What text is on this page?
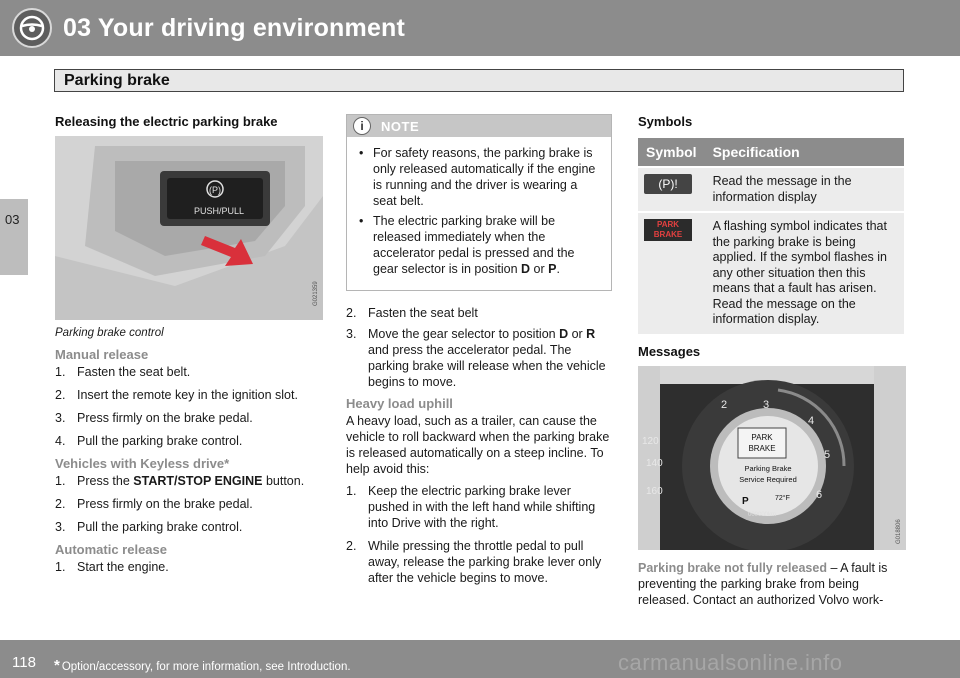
03 Your driving environment
Parking brake
03
Releasing the electric parking brake
(P)
PUSH/PULL
G021359
Parking brake control
Manual release
1. Fasten the seat belt.
2. Insert the remote key in the ignition slot.
3. Press firmly on the brake pedal.
4. Pull the parking brake control.
Vehicles with Keyless drive*
1. Press the START/STOP ENGINE button.
2. Press firmly on the brake pedal.
3. Pull the parking brake control.
Automatic release
1. Start the engine.
i	NOTE
• For safety reasons, the parking brake is only released automatically if the engine is running and the driver is wearing a seat belt.
• The electric parking brake will be released immediately when the accelerator pedal is pressed and the gear selector is in position D or P.
2. Fasten the seat belt
3. Move the gear selector to position D or R and press the accelerator pedal. The parking brake will release when the vehicle begins to move.
Heavy load uphill

A heavy load, such as a trailer, can cause the vehicle to roll backward when the parking brake is released automatically on a steep incline. To help avoid this:

1. Keep the electric parking brake lever pushed in with the left hand while shifting into Drive with the right.
2. While pressing the throttle pedal to pull away, release the parking brake lever only after the vehicle begins to move.
Symbols
Symbol	Specification
(P)!	Read the message in the information display
PARK
BRAKE	A flashing symbol indicates that the parking brake is being applied. If the symbol flashes in any other situation then this means that a fault has arisen. Read the message on the information display.
Messages
2	3
4
5
6
120
140
160
PARK
BRAKE
Parking Brake
Service Required
P	72°F
000000km
G018806

Parking brake not fully released – A fault is preventing the parking brake from being released. Contact an authorized Volvo work-

118 * Option/accessory, for more information, see Introduction.	carmanualsonline.info
